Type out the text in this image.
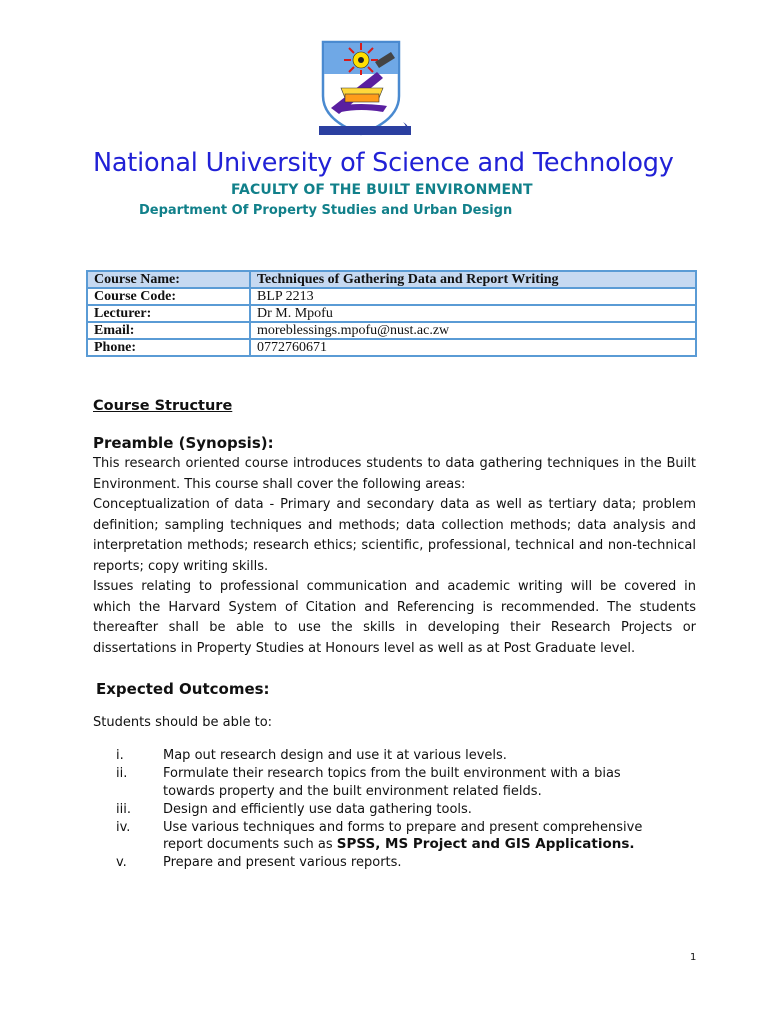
National University of Science and Technology
FACULTY OF THE BUILT ENVIRONMENT
Department Of Property Studies and Urban Design
Course Name:	Techniques of Gathering Data and Report Writing
Course Code:	BLP 2213
Lecturer:	Dr M. Mpofu
Email:	moreblessings.mpofu@nust.ac.zw
Phone:	0772760671
Course Structure
Preamble (Synopsis):

This research oriented course introduces students to data gathering techniques in the Built Environment. This course shall cover the following areas:

Conceptualization of data - Primary and secondary data as well as tertiary data; problem definition; sampling techniques and methods; data collection methods; data analysis and interpretation methods; research ethics; scientific, professional, technical and non-technical reports; copy writing skills.

Issues relating to professional communication and academic writing will be covered in which the Harvard System of Citation and Referencing is recommended. The students thereafter shall be able to use the skills in developing their Research Projects or dissertations in Property Studies at Honours level as well as at Post Graduate level.

Expected Outcomes:
Students should be able to:
i.	Map out research design and use it at various levels.
ii.	Formulate their research topics from the built environment with a bias towards property and the built environment related fields.
iii.	Design and efficiently use data gathering tools.
iv.	Use various techniques and forms to prepare and present comprehensive report documents such as SPSS, MS Project and GIS Applications.
v.	Prepare and present various reports.
1
